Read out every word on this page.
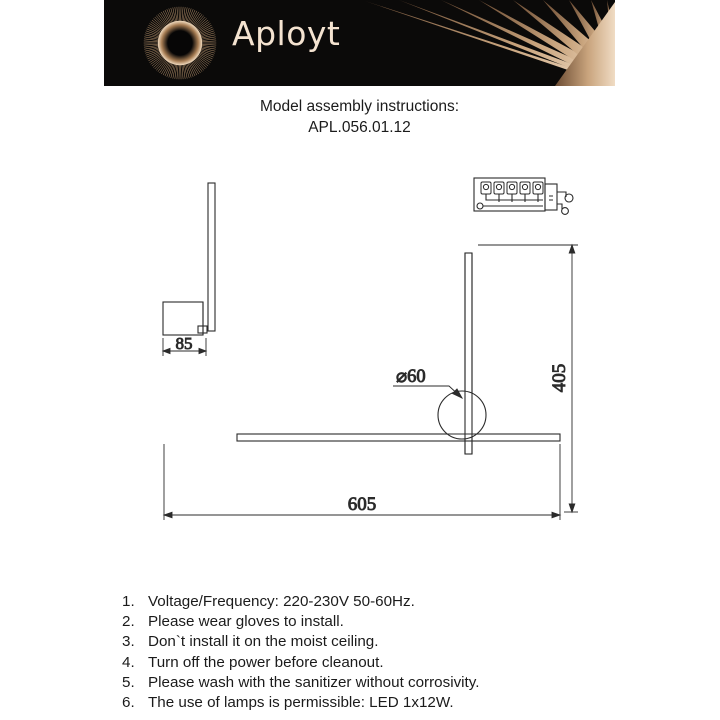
Aployt
Model assembly instructions:
APL.056.01.12
85
⌀60
605
405
1. Voltage/Frequency: 220-230V 50-60Hz.
2. Please wear gloves to install.
3. Don`t install it on the moist ceiling.
4. Turn off the power before cleanout.
5. Please wash with the sanitizer without corrosivity.
6. The use of lamps is permissible: LED 1x12W.
